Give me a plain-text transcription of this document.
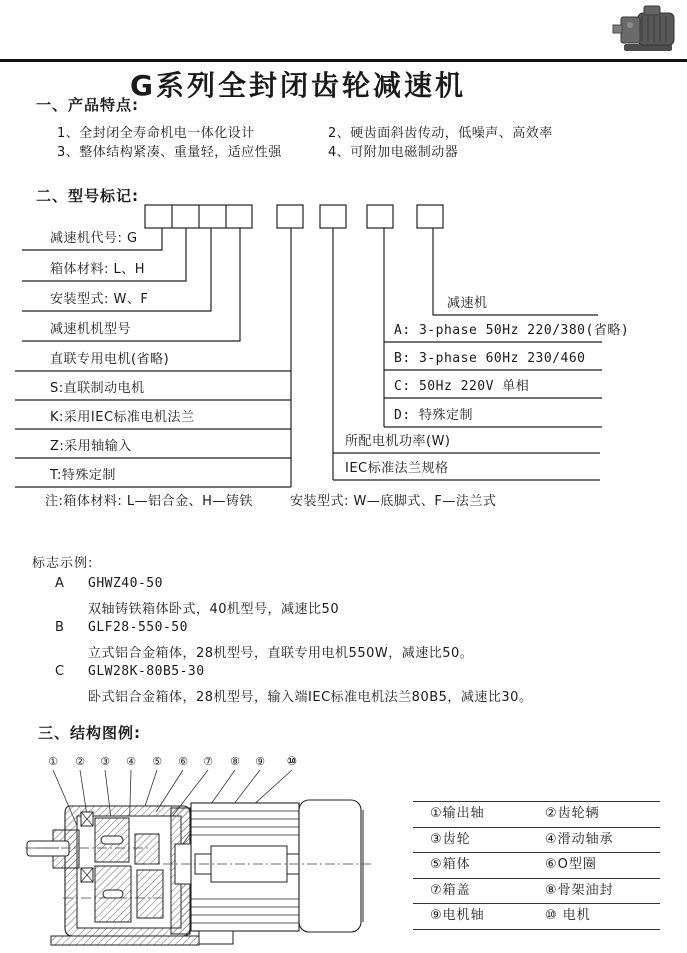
G系列全封闭齿轮减速机
一、产品特点:
1、全封闭全寿命机电一体化设计	2、硬齿面斜齿传动，低噪声、高效率
3、整体结构紧凑、重量轻，适应性强	4、可附加电磁制动器
二、型号标记:
减速机代号: G
箱体材料: L、H
安装型式: W、F
减速机机型号
直联专用电机(省略)
S:直联制动电机
K:采用IEC标准电机法兰
Z:采用轴输入
T:特殊定制
减速机
A: 3-phase 50Hz 220/380(省略)
B: 3-phase 60Hz 230/460
C: 50Hz 220V 单相
D: 特殊定制
所配电机功率(W)
IEC标准法兰规格
注:箱体材料: L—铝合金、H—铸铁	安装型式: W—底脚式、F—法兰式
标志示例:
A GHWZ40-50
双轴铸铁箱体卧式，40机型号，减速比50
B GLF28-550-50
立式铝合金箱体，28机型号，直联专用电机550W，减速比50。
C GLW28K-80B5-30
卧式铝合金箱体，28机型号，输入端IEC标准电机法兰80B5，减速比30。
三、结构图例:
① ② ③ ④ ⑤ ⑥ ⑦ ⑧ ⑨ ⑩
①输出轴	②齿轮辆
③齿轮	④滑动轴承
⑤箱体	⑥O型圈
⑦箱盖	⑧骨架油封
⑨电机轴	⑩ 电机
